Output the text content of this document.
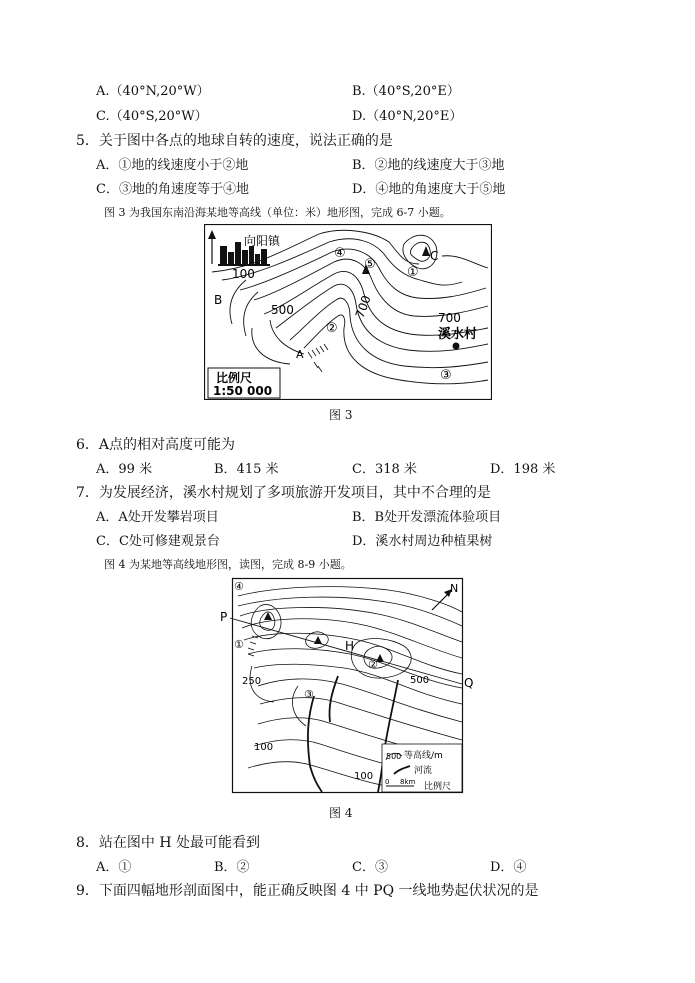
A.（40°N,20°W）	B.（40°S,20°E）
C.（40°S,20°W）	D.（40°N,20°E）
5．关于图中各点的地球自转的速度，说法正确的是
A．①地的线速度小于②地	B．②地的线速度大于③地
C．③地的角速度等于④地	D．④地的角速度大于⑤地
图 3 为我国东南沿海某地等高线（单位：米）地形图，完成 6-7 小题。
向阳镇
100
B
500
A
④
⑤
②
①
C
700	700
溪水村
③
比例尺
1:50 000
图 3
6．A点的相对高度可能为
A．99 米	B．415 米	C．318 米	D．198 米
7．为发展经济，溪水村规划了多项旅游开发项目，其中不合理的是
A．A处开发攀岩项目	B．B处开发漂流体验项目
C．C处可修建观景台	D．溪水村周边种植果树
图 4 为某地等高线地形图，读图，完成 8-9 小题。
P
Q
H
N
④
①
②
③
250	500
100
100
500 等高线/m
河流
0 8km 比例尺
图 4
8．站在图中 H 处最可能看到
A．①	B．②	C．③	D．④
9．下面四幅地形剖面图中，能正确反映图 4 中 PQ 一线地势起伏状况的是
